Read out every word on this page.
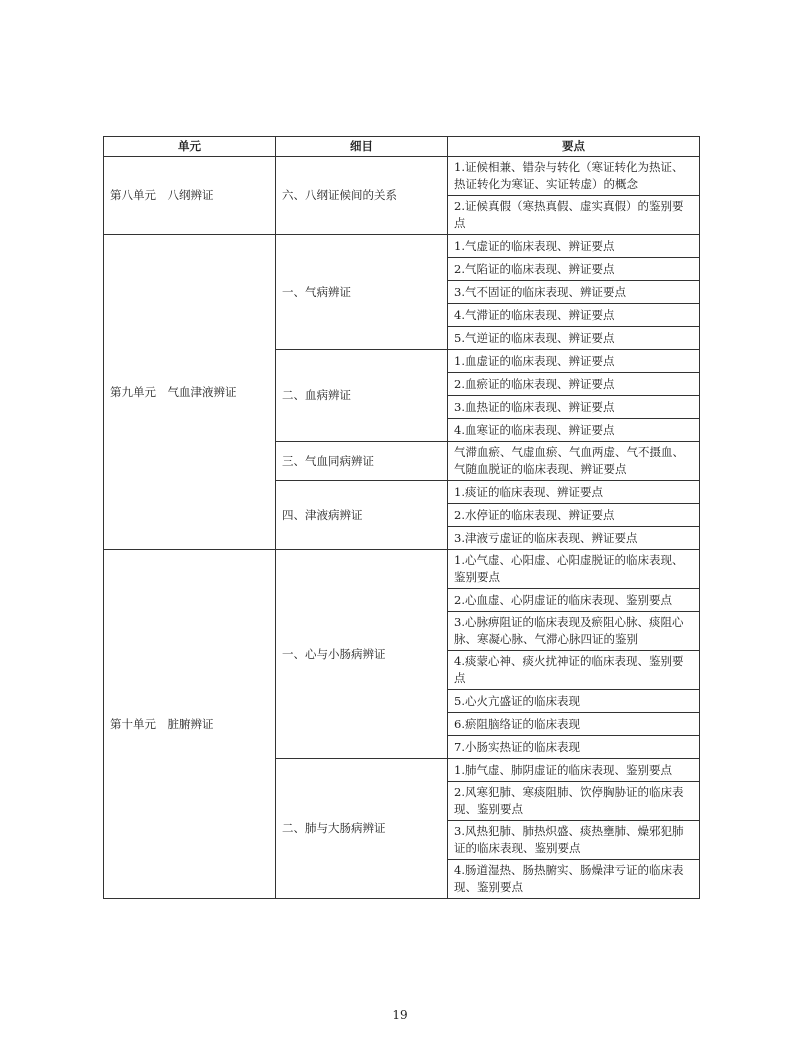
单元	细目	要点
第八单元　八纲辨证	六、八纲证候间的关系	1.证候相兼、错杂与转化（寒证转化为热证、热证转化为寒证、实证转虚）的概念
		2.证候真假（寒热真假、虚实真假）的鉴别要点
第九单元　气血津液辨证	一、气病辨证	1.气虚证的临床表现、辨证要点
		2.气陷证的临床表现、辨证要点
		3.气不固证的临床表现、辨证要点
		4.气滞证的临床表现、辨证要点
		5.气逆证的临床表现、辨证要点
	二、血病辨证	1.血虚证的临床表现、辨证要点
		2.血瘀证的临床表现、辨证要点
		3.血热证的临床表现、辨证要点
		4.血寒证的临床表现、辨证要点
	三、气血同病辨证	气滞血瘀、气虚血瘀、气血两虚、气不摄血、气随血脱证的临床表现、辨证要点
	四、津液病辨证	1.痰证的临床表现、辨证要点
		2.水停证的临床表现、辨证要点
		3.津液亏虚证的临床表现、辨证要点
第十单元　脏腑辨证	一、心与小肠病辨证	1.心气虚、心阳虚、心阳虚脱证的临床表现、鉴别要点
		2.心血虚、心阴虚证的临床表现、鉴别要点
		3.心脉痹阻证的临床表现及瘀阻心脉、痰阻心脉、寒凝心脉、气滞心脉四证的鉴别
		4.痰蒙心神、痰火扰神证的临床表现、鉴别要点
		5.心火亢盛证的临床表现
		6.瘀阻脑络证的临床表现
		7.小肠实热证的临床表现
	二、肺与大肠病辨证	1.肺气虚、肺阴虚证的临床表现、鉴别要点
		2.风寒犯肺、寒痰阻肺、饮停胸胁证的临床表现、鉴别要点
		3.风热犯肺、肺热炽盛、痰热壅肺、燥邪犯肺证的临床表现、鉴别要点
		4.肠道湿热、肠热腑实、肠燥津亏证的临床表现、鉴别要点
19
